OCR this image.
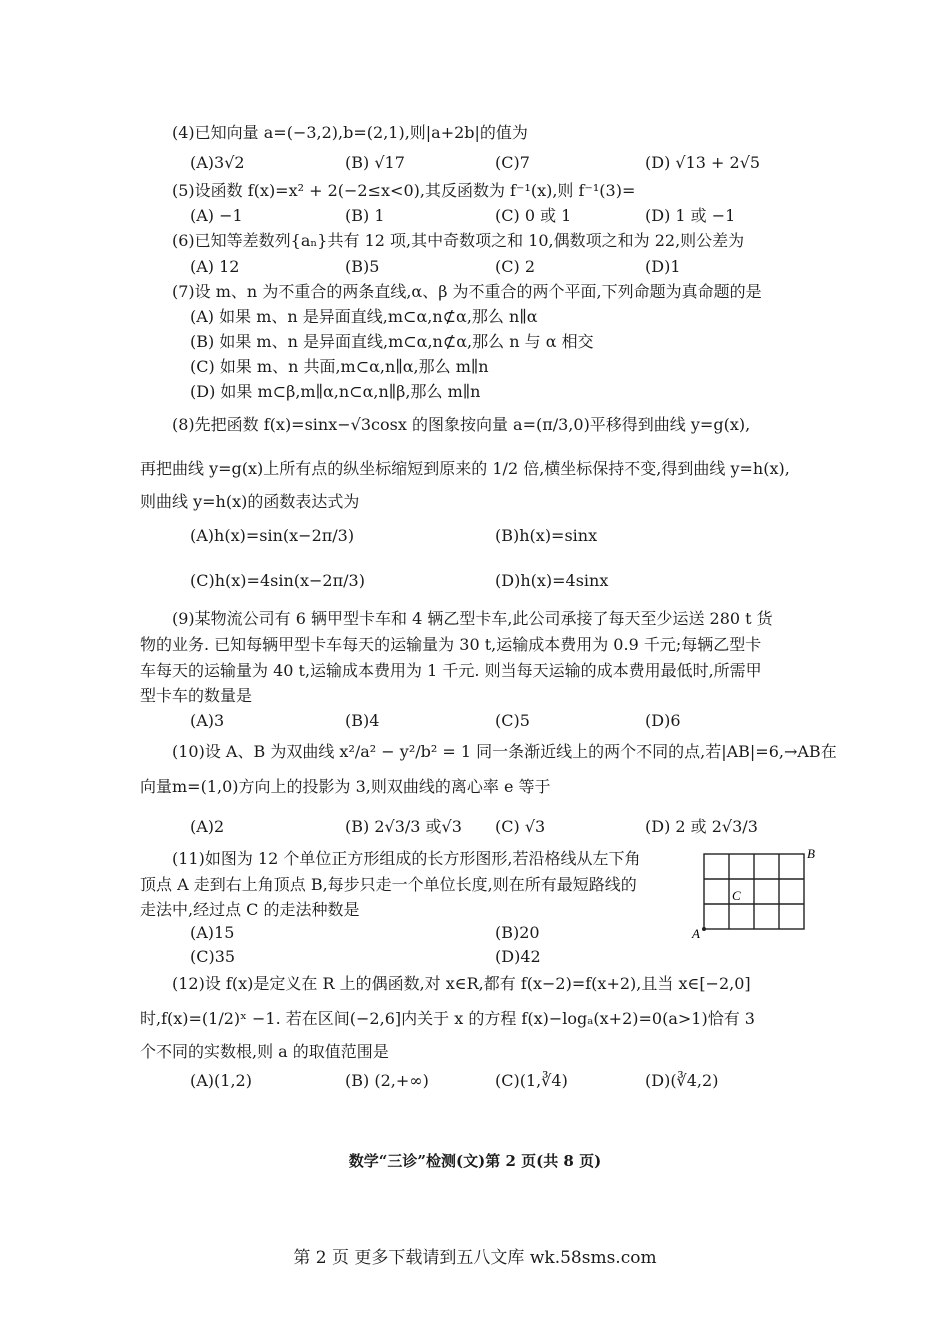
(4)已知向量 a=(−3,2),b=(2,1),则|a+2b|的值为
(A)3√2	(B) √17	(C)7	(D) √13 + 2√5
(5)设函数 f(x)=x² + 2(−2≤x<0),其反函数为 f⁻¹(x),则 f⁻¹(3)=
(A) −1	(B) 1	(C) 0 或 1	(D) 1 或 −1
(6)已知等差数列{aₙ}共有 12 项,其中奇数项之和 10,偶数项之和为 22,则公差为
(A) 12	(B)5	(C) 2	(D)1
(7)设 m、n 为不重合的两条直线,α、β 为不重合的两个平面,下列命题为真命题的是
(A) 如果 m、n 是异面直线,m⊂α,n⊄α,那么 n∥α
(B) 如果 m、n 是异面直线,m⊂α,n⊄α,那么 n 与 α 相交
(C) 如果 m、n 共面,m⊂α,n∥α,那么 m∥n
(D) 如果 m⊂β,m∥α,n⊂α,n∥β,那么 m∥n
(8)先把函数 f(x)=sinx−√3cosx 的图象按向量 a=(π/3,0)平移得到曲线 y=g(x),
再把曲线 y=g(x)上所有点的纵坐标缩短到原来的 1/2 倍,横坐标保持不变,得到曲线 y=h(x),
则曲线 y=h(x)的函数表达式为
(A)h(x)=sin(x−2π/3)	(B)h(x)=sinx
(C)h(x)=4sin(x−2π/3)	(D)h(x)=4sinx
(9)某物流公司有 6 辆甲型卡车和 4 辆乙型卡车,此公司承接了每天至少运送 280 t 货
物的业务. 已知每辆甲型卡车每天的运输量为 30 t,运输成本费用为 0.9 千元;每辆乙型卡
车每天的运输量为 40 t,运输成本费用为 1 千元. 则当每天运输的成本费用最低时,所需甲
型卡车的数量是
(A)3	(B)4	(C)5	(D)6
(10)设 A、B 为双曲线 x²/a² − y²/b² = 1 同一条渐近线上的两个不同的点,若|AB|=6,→AB在
向量m=(1,0)方向上的投影为 3,则双曲线的离心率 e 等于
(A)2	(B) 2√3/3 或√3 (C) √3	(D) 2 或 2√3/3
(11)如图为 12 个单位正方形组成的长方形图形,若沿格线从左下角
顶点 A 走到右上角顶点 B,每步只走一个单位长度,则在所有最短路线的
走法中,经过点 C 的走法种数是
(A)15	(B)20
(C)35	(D)42
A
B
C
(12)设 f(x)是定义在 R 上的偶函数,对 x∈R,都有 f(x−2)=f(x+2),且当 x∈[−2,0]
时,f(x)=(1/2)ˣ −1. 若在区间(−2,6]内关于 x 的方程 f(x)−logₐ(x+2)=0(a>1)恰有 3
个不同的实数根,则 a 的取值范围是
(A)(1,2)	(B) (2,+∞)	(C)(1,∛4)	(D)(∛4,2)
数学“三诊”检测(文)第 2 页(共 8 页)
第 2 页 更多下载请到五八文库 wk.58sms.com
